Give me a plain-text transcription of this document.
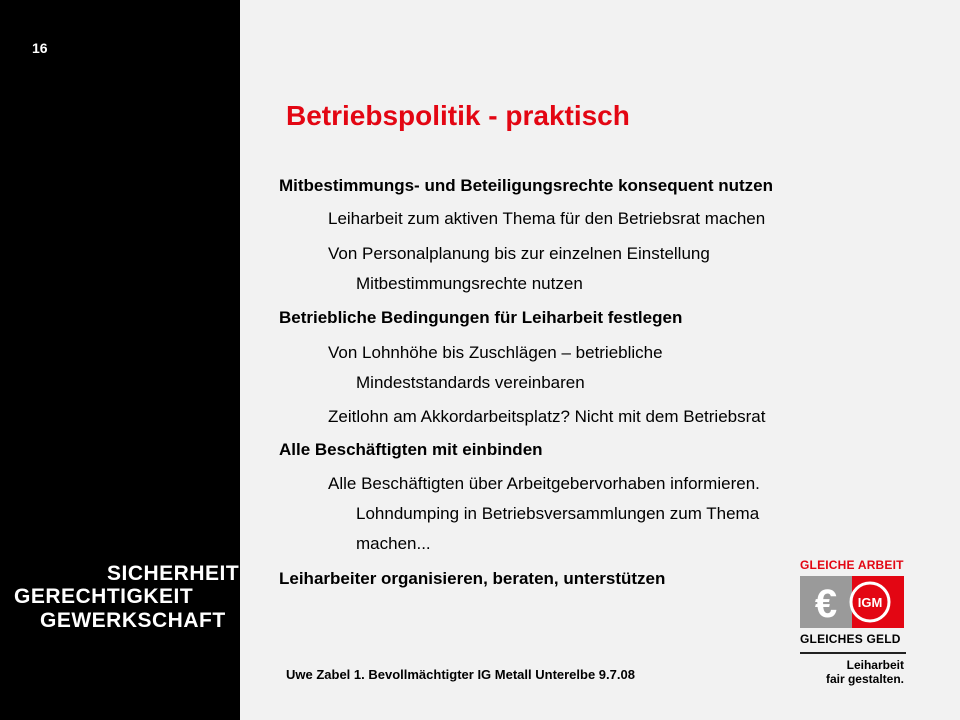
16
SICHERHEIT
GERECHTIGKEIT
GEWERKSCHAFT
Betriebspolitik - praktisch
Mitbestimmungs- und Beteiligungsrechte konsequent nutzen
Leiharbeit zum aktiven Thema für den Betriebsrat machen
Von Personalplanung bis zur einzelnen Einstellung
Mitbestimmungsrechte nutzen
Betriebliche Bedingungen für Leiharbeit festlegen
Von Lohnhöhe bis Zuschlägen – betriebliche
Mindeststandards vereinbaren
Zeitlohn am Akkordarbeitsplatz? Nicht mit dem Betriebsrat
Alle Beschäftigten mit einbinden
Alle Beschäftigten über Arbeitgebervorhaben informieren.
Lohndumping in Betriebsversammlungen zum Thema
machen...
Leiharbeiter organisieren, beraten, unterstützen
GLEICHE ARBEIT
€ IGM
GLEICHES GELD
Leiharbeit
fair gestalten.
Uwe Zabel 1. Bevollmächtigter IG Metall Unterelbe 9.7.08
